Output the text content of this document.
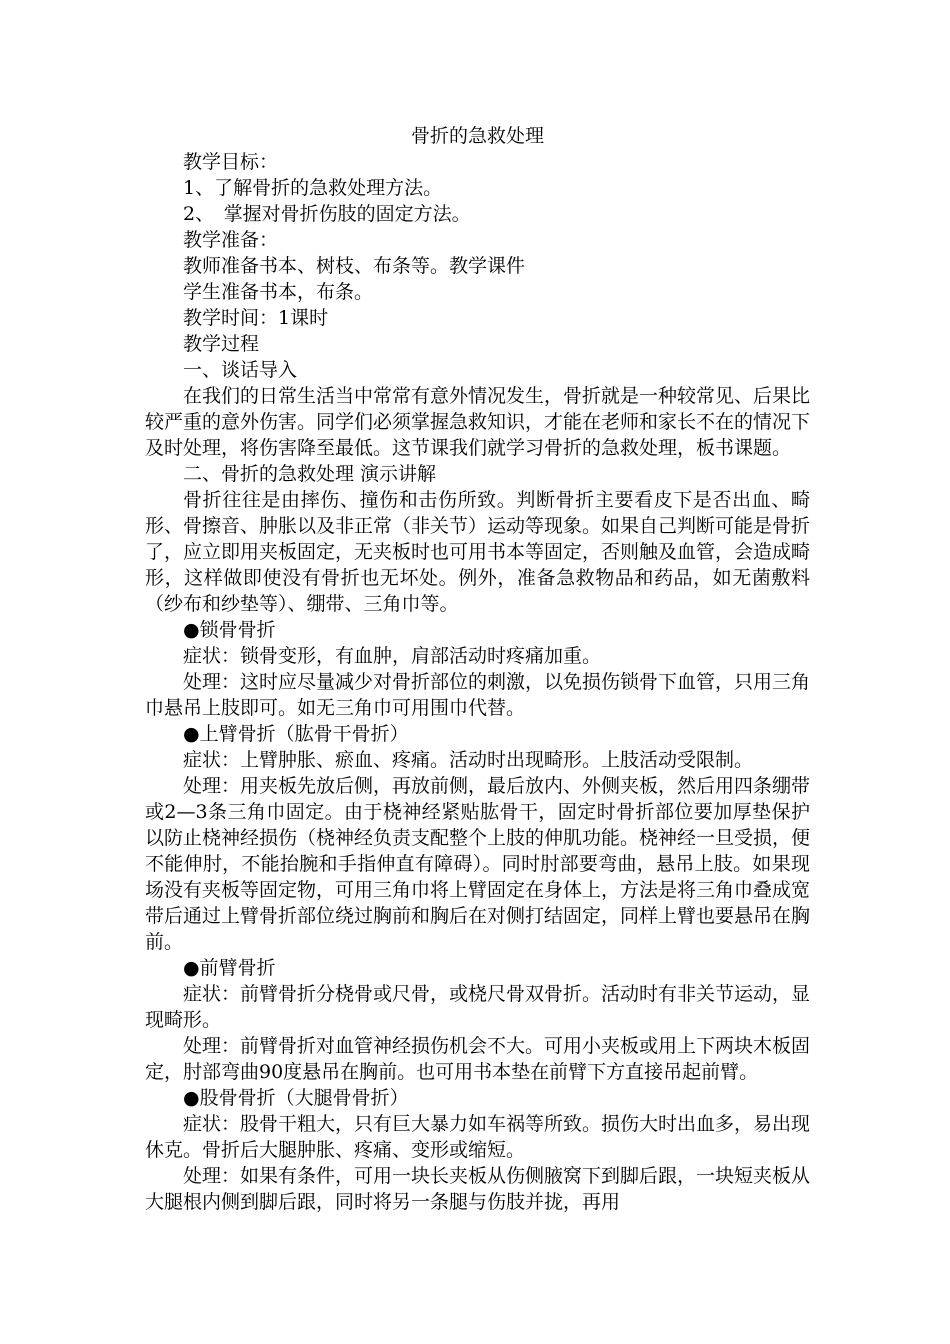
骨折的急救处理

教学目标：

1、了解骨折的急救处理方法。

2、　掌握对骨折伤肢的固定方法。

教学准备：

教师准备书本、树枝、布条等。教学课件

学生准备书本，布条。

教学时间：1课时

教学过程

一、谈话导入

在我们的日常生活当中常常有意外情况发生，骨折就是一种较常见、后果比较严重的意外伤害。同学们必须掌握急救知识，才能在老师和家长不在的情况下及时处理，将伤害降至最低。这节课我们就学习骨折的急救处理，板书课题。

二、骨折的急救处理 演示讲解

骨折往往是由摔伤、撞伤和击伤所致。判断骨折主要看皮下是否出血、畸形、骨擦音、肿胀以及非正常（非关节）运动等现象。如果自己判断可能是骨折了，应立即用夹板固定，无夹板时也可用书本等固定，否则触及血管，会造成畸形，这样做即使没有骨折也无坏处。例外，准备急救物品和药品，如无菌敷料（纱布和纱垫等）、绷带、三角巾等。

●锁骨骨折

症状：锁骨变形，有血肿，肩部活动时疼痛加重。

处理：这时应尽量减少对骨折部位的刺激，以免损伤锁骨下血管，只用三角巾悬吊上肢即可。如无三角巾可用围巾代替。

●上臂骨折（肱骨干骨折）

症状：上臂肿胀、瘀血、疼痛。活动时出现畸形。上肢活动受限制。

处理：用夹板先放后侧，再放前侧，最后放内、外侧夹板，然后用四条绷带或2—3条三角巾固定。由于桡神经紧贴肱骨干，固定时骨折部位要加厚垫保护以防止桡神经损伤（桡神经负责支配整个上肢的伸肌功能。桡神经一旦受损，便不能伸肘，不能抬腕和手指伸直有障碍）。同时肘部要弯曲，悬吊上肢。如果现场没有夹板等固定物，可用三角巾将上臂固定在身体上，方法是将三角巾叠成宽带后通过上臂骨折部位绕过胸前和胸后在对侧打结固定，同样上臂也要悬吊在胸前。

●前臂骨折

症状：前臂骨折分桡骨或尺骨，或桡尺骨双骨折。活动时有非关节运动，显现畸形。

处理：前臂骨折对血管神经损伤机会不大。可用小夹板或用上下两块木板固定，肘部弯曲90度悬吊在胸前。也可用书本垫在前臂下方直接吊起前臂。

●股骨骨折（大腿骨骨折）

症状：股骨干粗大，只有巨大暴力如车祸等所致。损伤大时出血多，易出现休克。骨折后大腿肿胀、疼痛、变形或缩短。

处理：如果有条件，可用一块长夹板从伤侧腋窝下到脚后跟，一块短夹板从大腿根内侧到脚后跟，同时将另一条腿与伤肢并拢，再用
